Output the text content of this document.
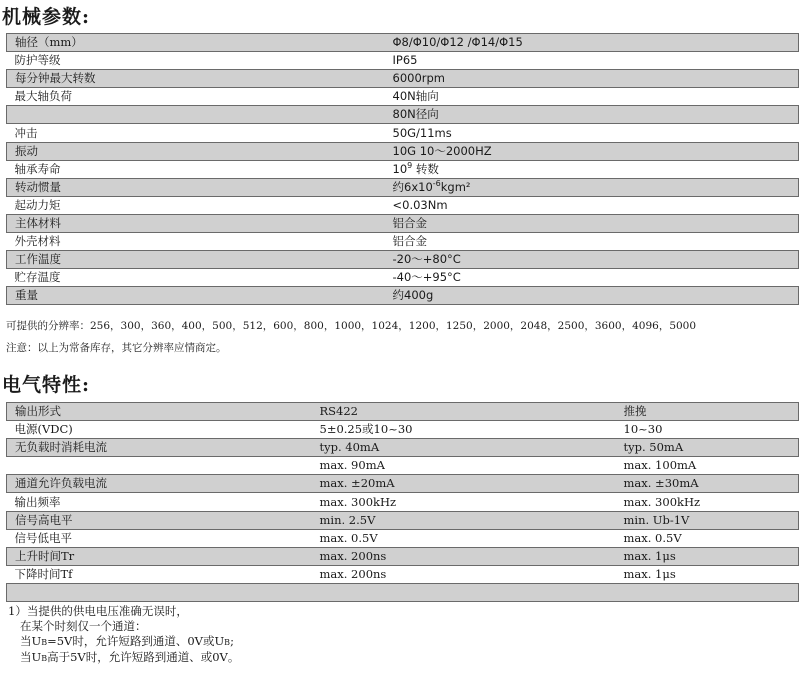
机械参数:
轴径（mm）	Φ8/Φ10/Φ12 /Φ14/Φ15
防护等级	IP65
每分钟最大转数	6000rpm
最大轴负荷	40N轴向
	80N径向
冲击	50G/11ms
振动	10G 10～2000HZ
轴承寿命	$10^9$ 转数
转动惯量	约$6x10^{-6}kgm^2$
起动力矩	<0.03Nm
主体材料	铝合金
外壳材料	铝合金
工作温度	-20～+80°C
贮存温度	-40～+95°C
重量	约400g
可提供的分辨率：256，300，360，400，500，512，600，800，1000，1024，1200，1250，2000，2048，2500，3600，4096，5000
注意：以上为常备库存，其它分辨率应情商定。
电气特性:
输出形式	RS422	推挽
电源(VDC)	5±0.25或10~30	10~30
无负载时消耗电流	typ. 40mA	typ. 50mA
	max. 90mA	max. 100mA
通道允许负载电流	max. ±20mA	max. ±30mA
输出频率	max. 300kHz	max. 300kHz
信号高电平	min. 2.5V	min. Ub-1V
信号低电平	max. 0.5V	max. 0.5V
上升时间Tr	max. 200ns	max. 1μs
下降时间Tf	max. 200ns	max. 1μs

1）当提供的供电电压准确无误时，
在某个时刻仅一个通道：
当UB=5V时，允许短路到通道、0V或UB;
当UB高于5V时，允许短路到通道、或0V。
